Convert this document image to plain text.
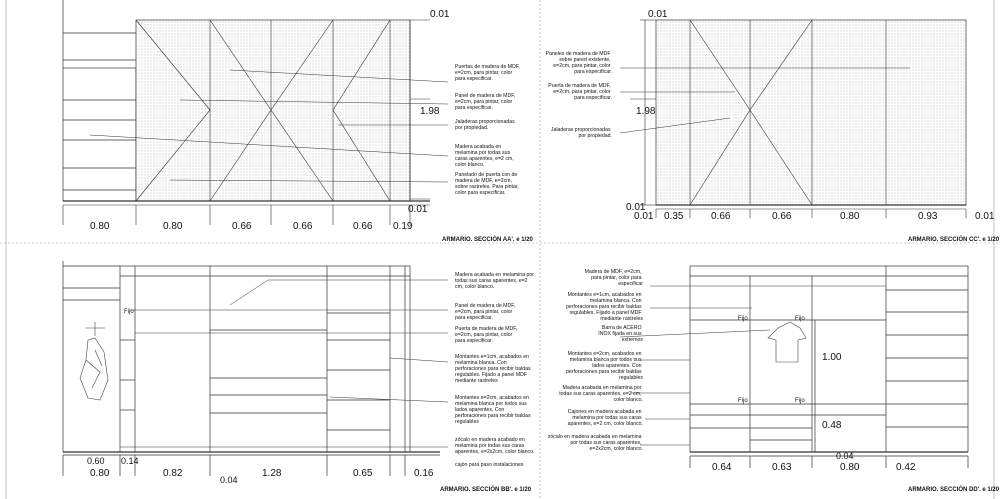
1.98
0.01
0.01
0.80	0.80	0.66	0.66	0.66 0.19
Puertas de madera de MDF, e=2cm, para pintar, color para especificar.
Panel de madera de MDF, e=2cm, para pintar, color para especificar.
Jaladeras proporcionadas por propiedad.
Madera acabada en melamina por todas sus caras aparentes, e=2 cm, color blanco.
Panelado de puerta con de madera de MDF, e=2cm, sobre rastreles. Para pintar, color para especificar.
ARMARIO. SECCIÓN AA'. e 1/20
0.01
1.98
0.01
0.01 0.35	0.66	0.66	0.80	0.93	0.01
Paneles de madera de MDF sobre pared existente, e=2cm, para pintar, color para especificar.
Puerta de madera de MDF, e=2cm, para pintar, color para especificar.
Jaladeras proporcionadas por propiedad.
ARMARIO. SECCIÓN CC'. e 1/20
Fijo
0.60 0.14
0.04
0.80	0.82	1.28	0.65	0.16
Madera acabada en melamina por todas sus caras aparentes, e=2 cm, color blanco.
Panel de madera de MDF, e=2cm, para pintar, color para especificar.
Puerta de madera de MDF, e=2cm, para pintar, color para especificar.
Montantes e=1cm, acabados en melamina blanca. Con perforaciones para recibir baldas regulables. Fijado a panel MDF mediante rastreles
Montantes e=2cm, acabados en melamina blanca por todos sus lados aparentes. Con perforaciones para recibir baldas regulables
zócalo en madera acabado en melamina por todas sus caras aparentes, e=2x2cm, color blanco.
cajón para paso instalaciones
ARMARIO. SECCIÓN BB'. e 1/20
Fijo	Fijo
Fijo	Fijo
1.00
0.48
0.04
0.64	0.63	0.80	0.42
Madera de MDF, e=2cm, para pintar, color para especificar
Montantes e=1cm, acabados en melamina blanca. Con perforaciones para recibir baldas regulables. Fijado a panel MDF mediante rastreles
Barra de ACERO INOX fijada en sus extremos
Montantes e=2cm, acabados en melamina blanca por todos sus lados aparentes. Con perforaciones para recibir baldas regulables
Madera acabada en melamina por todas sus caras aparentes, e=2 cm, color blanco.
Cajones en madera acabada en melamina por todas sus caras aparentes, e=2 cm, color blanco.
zócalo en madera acabada en melamina por todas sus caras aparentes, e=2x2cm, color blanco.
ARMARIO. SECCIÓN DD'. e 1/20
